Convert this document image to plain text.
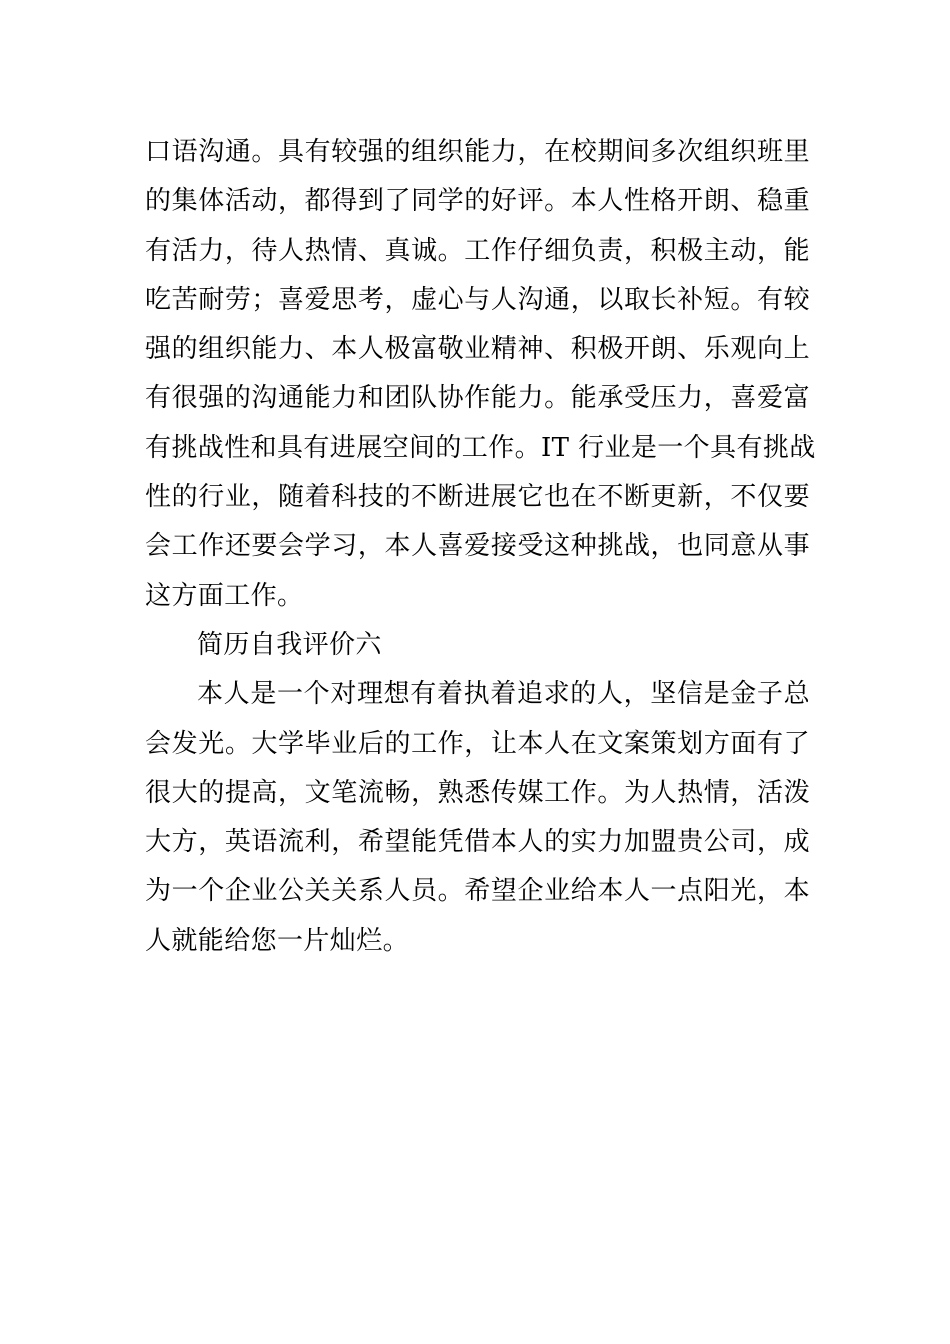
口语沟通。具有较强的组织能力，在校期间多次组织班里
的集体活动，都得到了同学的好评。本人性格开朗、稳重
有活力，待人热情、真诚。工作仔细负责，积极主动，能
吃苦耐劳；喜爱思考，虚心与人沟通，以取长补短。有较
强的组织能力、本人极富敬业精神、积极开朗、乐观向上
有很强的沟通能力和团队协作能力。能承受压力，喜爱富
有挑战性和具有进展空间的工作。IT 行业是一个具有挑战
性的行业，随着科技的不断进展它也在不断更新，不仅要
会工作还要会学习，本人喜爱接受这种挑战，也同意从事
这方面工作。
简历自我评价六
本人是一个对理想有着执着追求的人，坚信是金子总
会发光。大学毕业后的工作，让本人在文案策划方面有了
很大的提高，文笔流畅，熟悉传媒工作。为人热情，活泼
大方，英语流利，希望能凭借本人的实力加盟贵公司，成
为一个企业公关关系人员。希望企业给本人一点阳光，本
人就能给您一片灿烂。
